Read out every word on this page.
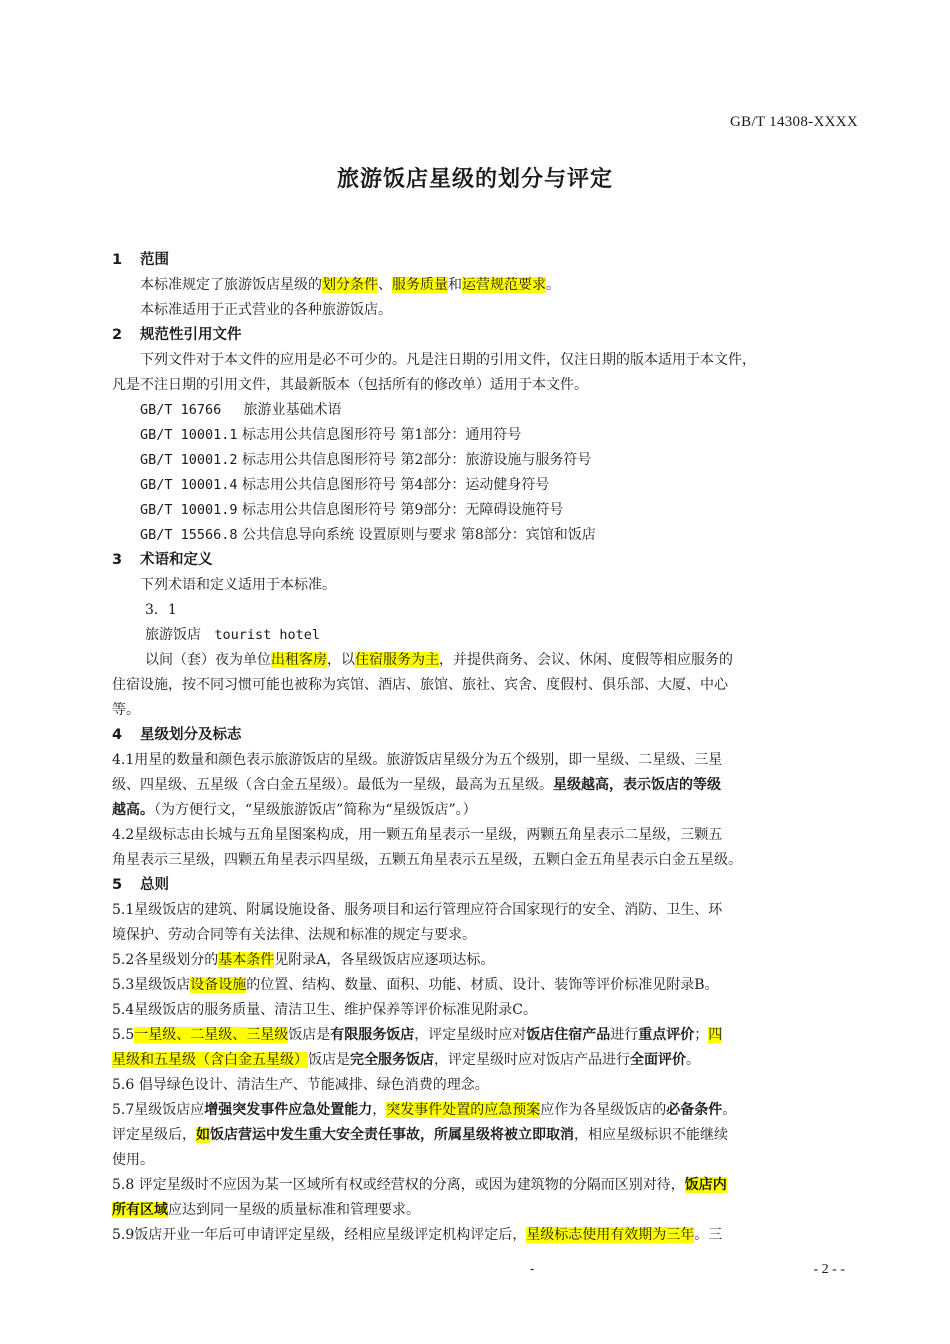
GB/T 14308-XXXX
旅游饭店星级的划分与评定
1 范围
本标准规定了旅游饭店星级的划分条件、服务质量和运营规范要求。
本标准适用于正式营业的各种旅游饭店。
2 规范性引用文件
下列文件对于本文件的应用是必不可少的。凡是注日期的引用文件，仅注日期的版本适用于本文件，
凡是不注日期的引用文件，其最新版本（包括所有的修改单）适用于本文件。
GB/T 16766 旅游业基础术语
GB/T 10001.1 标志用公共信息图形符号 第1部分：通用符号
GB/T 10001.2 标志用公共信息图形符号 第2部分：旅游设施与服务符号
GB/T 10001.4 标志用公共信息图形符号 第4部分：运动健身符号
GB/T 10001.9 标志用公共信息图形符号 第9部分：无障碍设施符号
GB/T 15566.8 公共信息导向系统 设置原则与要求 第8部分：宾馆和饭店
3 术语和定义
下列术语和定义适用于本标准。
3．1
旅游饭店 tourist hotel
以间（套）夜为单位出租客房，以住宿服务为主，并提供商务、会议、休闲、度假等相应服务的
住宿设施，按不同习惯可能也被称为宾馆、酒店、旅馆、旅社、宾舍、度假村、俱乐部、大厦、中心
等。
4 星级划分及标志
4.1用星的数量和颜色表示旅游饭店的星级。旅游饭店星级分为五个级别，即一星级、二星级、三星
级、四星级、五星级（含白金五星级）。最低为一星级，最高为五星级。星级越高，表示饭店的等级
越高。（为方便行文，“星级旅游饭店”简称为“星级饭店”。）
4.2星级标志由长城与五角星图案构成，用一颗五角星表示一星级，两颗五角星表示二星级，三颗五
角星表示三星级，四颗五角星表示四星级，五颗五角星表示五星级，五颗白金五角星表示白金五星级。
5 总则
5.1星级饭店的建筑、附属设施设备、服务项目和运行管理应符合国家现行的安全、消防、卫生、环
境保护、劳动合同等有关法律、法规和标准的规定与要求。
5.2各星级划分的基本条件见附录A，各星级饭店应逐项达标。
5.3星级饭店设备设施的位置、结构、数量、面积、功能、材质、设计、装饰等评价标准见附录B。
5.4星级饭店的服务质量、清洁卫生、维护保养等评价标准见附录C。
5.5一星级、二星级、三星级饭店是有限服务饭店，评定星级时应对饭店住宿产品进行重点评价；四
星级和五星级（含白金五星级）饭店是完全服务饭店，评定星级时应对饭店产品进行全面评价。
5.6 倡导绿色设计、清洁生产、节能减排、绿色消费的理念。
5.7星级饭店应增强突发事件应急处置能力，突发事件处置的应急预案应作为各星级饭店的必备条件。
评定星级后，如饭店营运中发生重大安全责任事故，所属星级将被立即取消，相应星级标识不能继续
使用。
5.8 评定星级时不应因为某一区域所有权或经营权的分离，或因为建筑物的分隔而区别对待，饭店内
所有区域应达到同一星级的质量标准和管理要求。
5.9饭店开业一年后可申请评定星级，经相应星级评定机构评定后，星级标志使用有效期为三年。三
-	- 2 - -
